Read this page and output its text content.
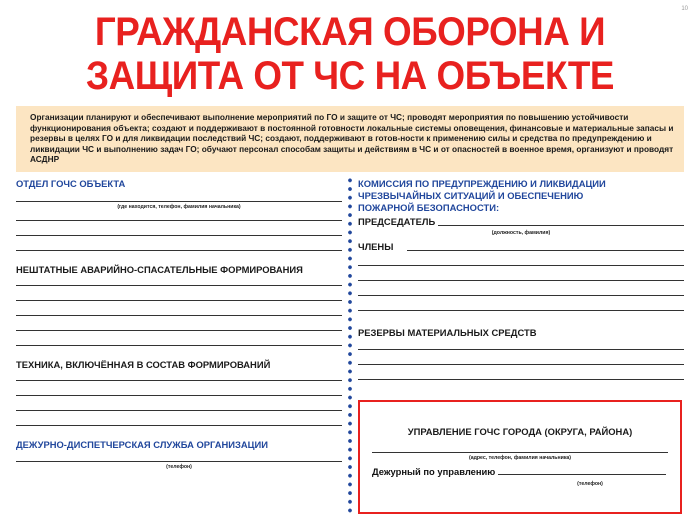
10
ГРАЖДАНСКАЯ ОБОРОНА И
ЗАЩИТА ОТ ЧС НА ОБЪЕКТЕ
Организации планируют и обеспечивают выполнение мероприятий по ГО и защите от ЧС; проводят мероприятия по повышению устойчивости функционирования объекта; создают и поддерживают в постоянной готовности локальные системы оповещения, финансовые и материальные запасы и резервы в целях ГО и для ликвидации последствий ЧС; создают, поддерживают в готов-ности к применению силы и средства по предупреждению и ликвидации ЧС и выполнению задач ГО; обучают персонал способам защиты и действиям в ЧС и от опасностей в военное время, организуют и проводят АСДНР
ОТДЕЛ ГОЧС ОБЪЕКТА
(где находится, телефон, фамилия начальника)
НЕШТАТНЫЕ АВАРИЙНО-СПАСАТЕЛЬНЫЕ ФОРМИРОВАНИЯ
ТЕХНИКА, ВКЛЮЧЁННАЯ В СОСТАВ ФОРМИРОВАНИЙ
ДЕЖУРНО-ДИСПЕТЧЕРСКАЯ СЛУЖБА ОРГАНИЗАЦИИ
(телефон)
КОМИССИЯ ПО ПРЕДУПРЕЖДЕНИЮ И ЛИКВИДАЦИИ
ЧРЕЗВЫЧАЙНЫХ СИТУАЦИЙ И ОБЕСПЕЧЕНИЮ
ПОЖАРНОЙ БЕЗОПАСНОСТИ:
ПРЕДСЕДАТЕЛЬ
(должность, фамилия)
ЧЛЕНЫ
РЕЗЕРВЫ МАТЕРИАЛЬНЫХ СРЕДСТВ
УПРАВЛЕНИЕ ГОЧС ГОРОДА (ОКРУГА, РАЙОНА)
(адрес, телефон, фамилия начальника)
Дежурный по управлению
(телефон)
